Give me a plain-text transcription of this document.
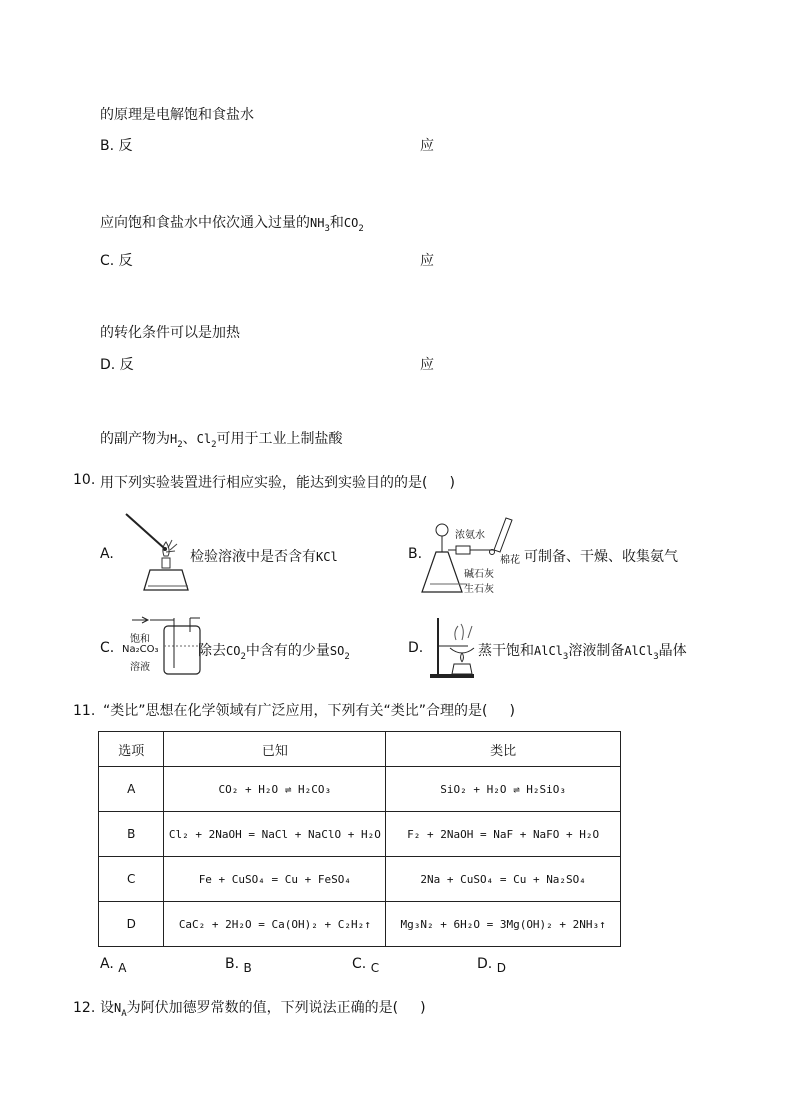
的原理是电解饱和食盐水
B. 反	应
应向饱和食盐水中依次通入过量的$NH_3$和$CO_2$
C. 反	应
的转化条件可以是加热
D. 反	应
的副产物为$H_2$、$Cl_2$可用于工业上制盐酸
10. 用下列实验装置进行相应实验，能达到实验目的的是( )
A.	检验溶液中是否含有KCl	B.
浓氨水
棉花
碱石灰
生石灰
可制备、干燥、收集氨气
C.
饱和
Na₂CO₃
溶液
除去$CO_2$中含有的少量$SO_2$
D.	蒸干饱和AlCl$_3$溶液制备AlCl$_3$晶体
11. “类比”思想在化学领域有广泛应用，下列有关“类比”合理的是( )
选项	已知	类比
A	CO₂ + H₂O ⇌ H₂CO₃	SiO₂ + H₂O ⇌ H₂SiO₃
B	Cl₂ + 2NaOH = NaCl + NaClO + H₂O	F₂ + 2NaOH = NaF + NaFO + H₂O
C	Fe + CuSO₄ = Cu + FeSO₄	2Na + CuSO₄ = Cu + Na₂SO₄
D	CaC₂ + 2H₂O = Ca(OH)₂ + C₂H₂↑	Mg₃N₂ + 6H₂O = 3Mg(OH)₂ + 2NH₃↑
A. A	B. B	C. C	D. D
12. 设$N_A$为阿伏加德罗常数的值，下列说法正确的是( )
